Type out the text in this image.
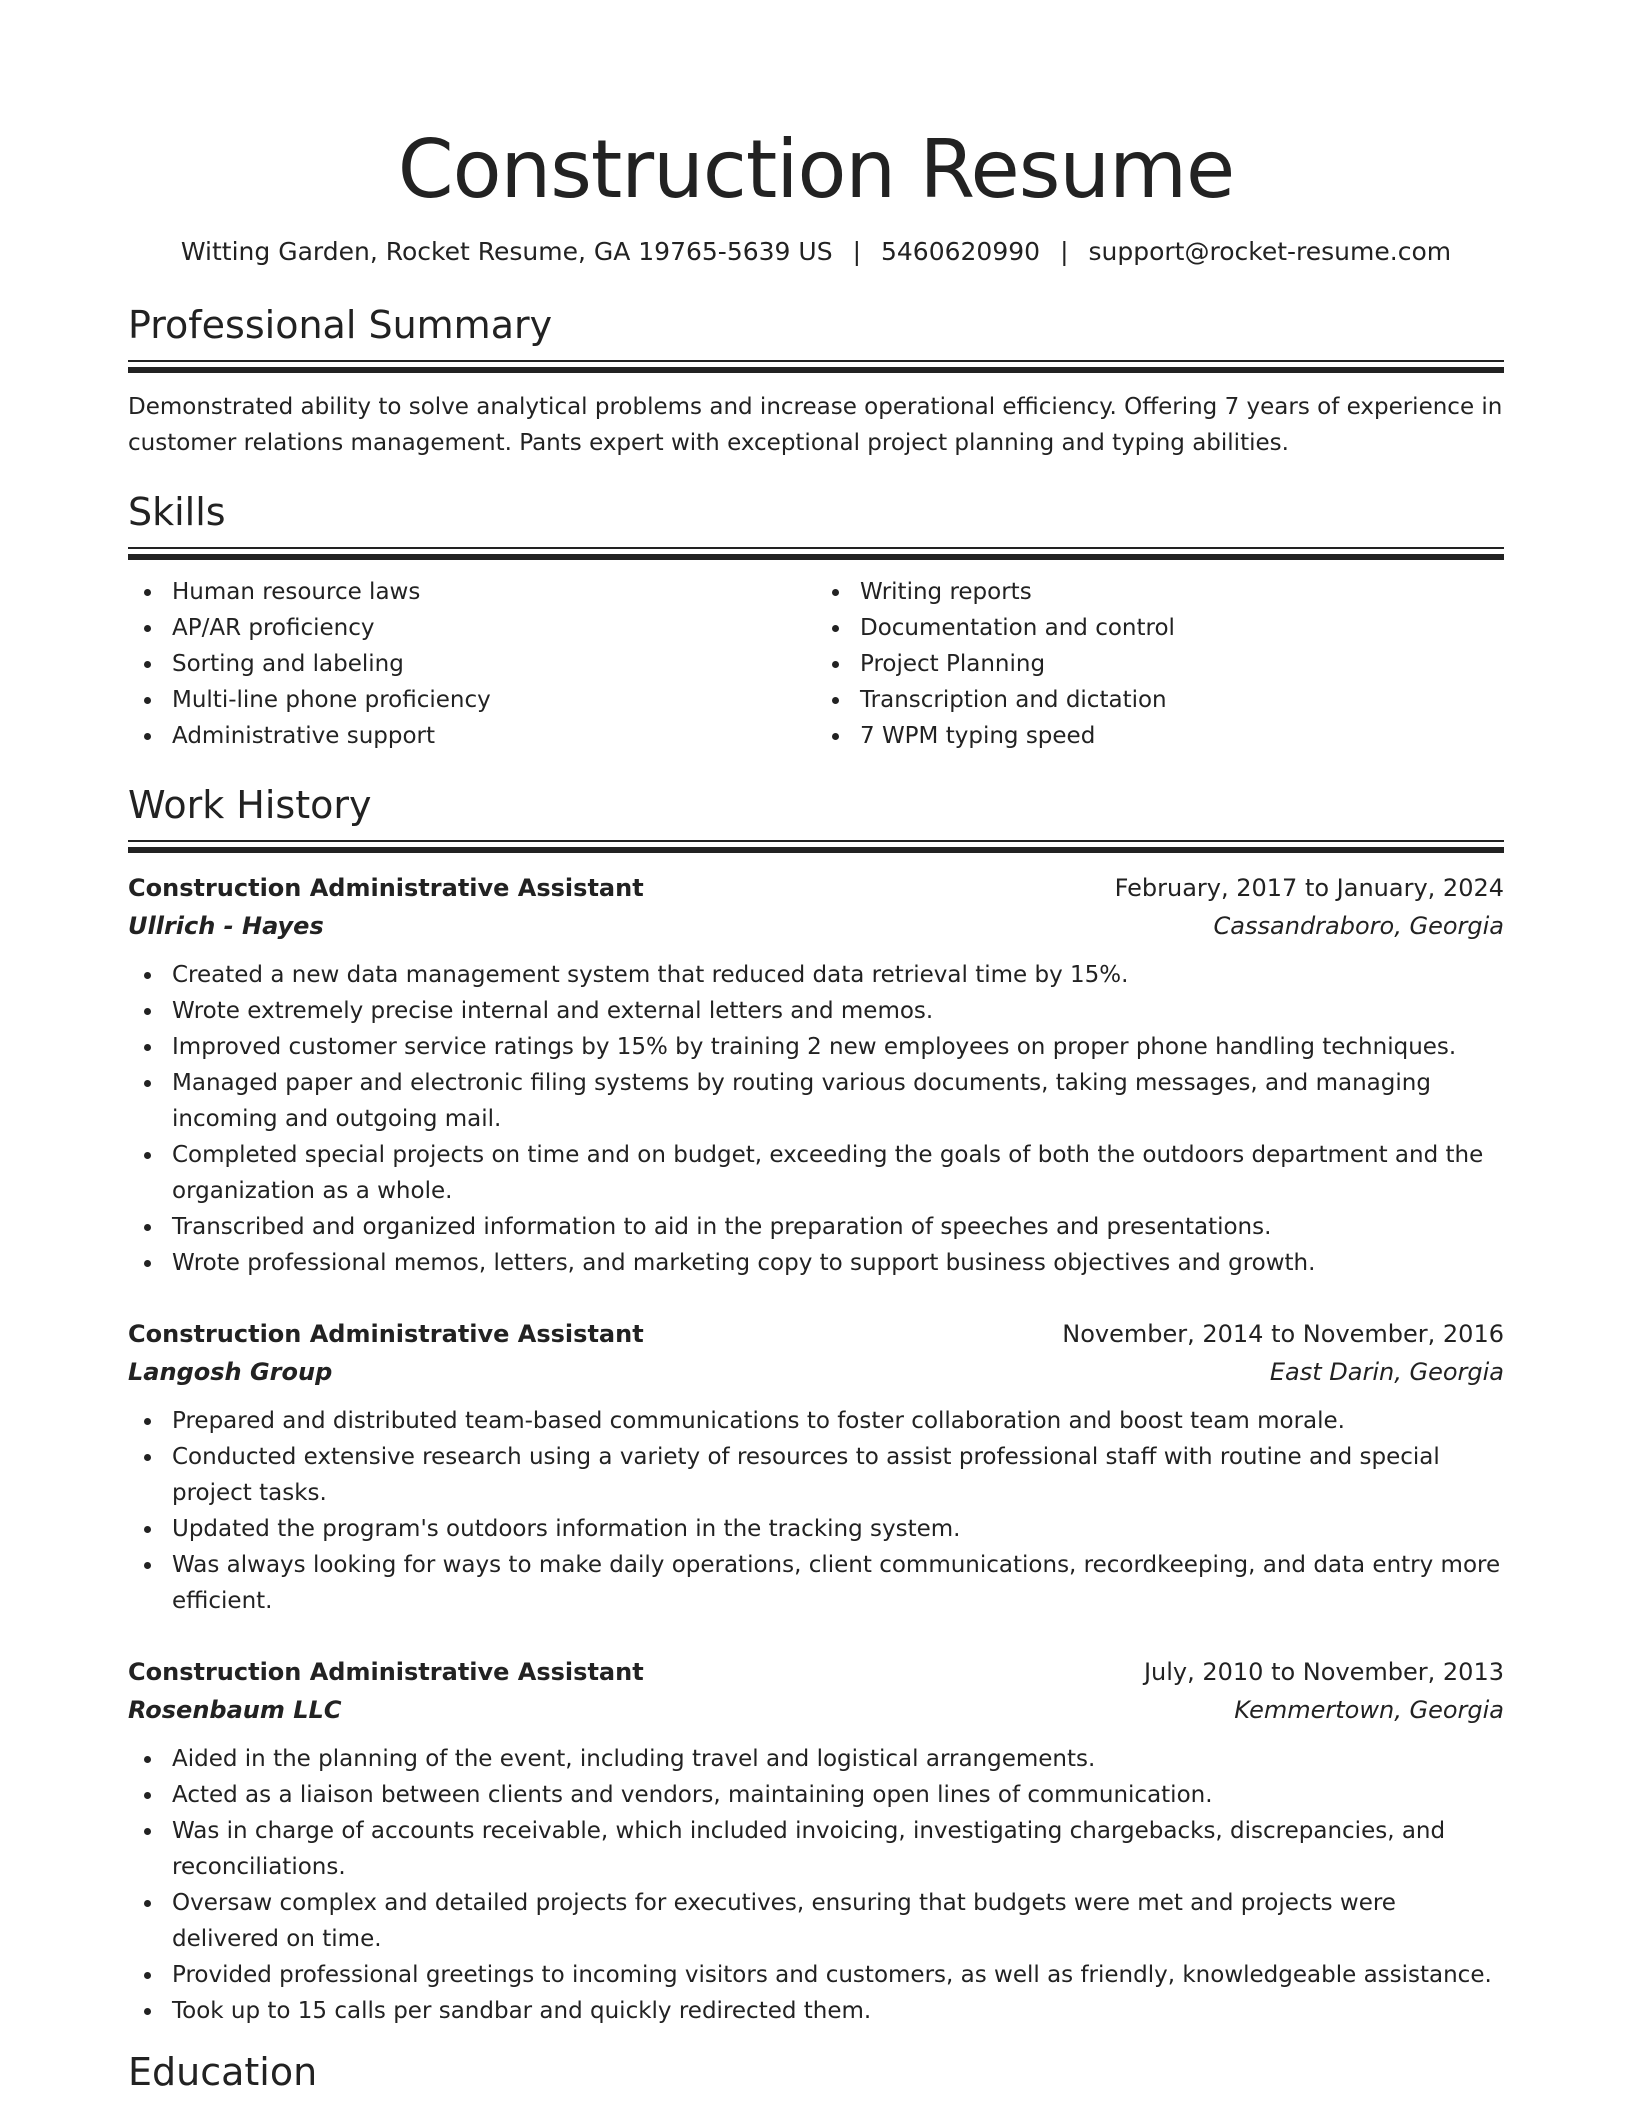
Construction Resume
Witting Garden, Rocket Resume, GA 19765-5639 US | 5460620990 | support@rocket-resume.com
Professional Summary

Demonstrated ability to solve analytical problems and increase operational efficiency. Offering 7 years of experience in customer relations management. Pants expert with exceptional project planning and typing abilities.

Skills
Human resource laws
AP/AR proficiency
Sorting and labeling
Multi-line phone proficiency
Administrative support
Writing reports
Documentation and control
Project Planning
Transcription and dictation
7 WPM typing speed
Work History
Construction Administrative Assistant	February, 2017 to January, 2024
Ullrich - Hayes	Cassandraboro, Georgia
Created a new data management system that reduced data retrieval time by 15%.
Wrote extremely precise internal and external letters and memos.
Improved customer service ratings by 15% by training 2 new employees on proper phone handling techniques.
Managed paper and electronic filing systems by routing various documents, taking messages, and managing incoming and outgoing mail.
Completed special projects on time and on budget, exceeding the goals of both the outdoors department and the organization as a whole.
Transcribed and organized information to aid in the preparation of speeches and presentations.
Wrote professional memos, letters, and marketing copy to support business objectives and growth.
Construction Administrative Assistant	November, 2014 to November, 2016
Langosh Group	East Darin, Georgia
Prepared and distributed team-based communications to foster collaboration and boost team morale.
Conducted extensive research using a variety of resources to assist professional staff with routine and special project tasks.
Updated the program's outdoors information in the tracking system.
Was always looking for ways to make daily operations, client communications, recordkeeping, and data entry more efficient.
Construction Administrative Assistant	July, 2010 to November, 2013
Rosenbaum LLC	Kemmertown, Georgia
Aided in the planning of the event, including travel and logistical arrangements.
Acted as a liaison between clients and vendors, maintaining open lines of communication.
Was in charge of accounts receivable, which included invoicing, investigating chargebacks, discrepancies, and reconciliations.
Oversaw complex and detailed projects for executives, ensuring that budgets were met and projects were delivered on time.
Provided professional greetings to incoming visitors and customers, as well as friendly, knowledgeable assistance.
Took up to 15 calls per sandbar and quickly redirected them.
Education
